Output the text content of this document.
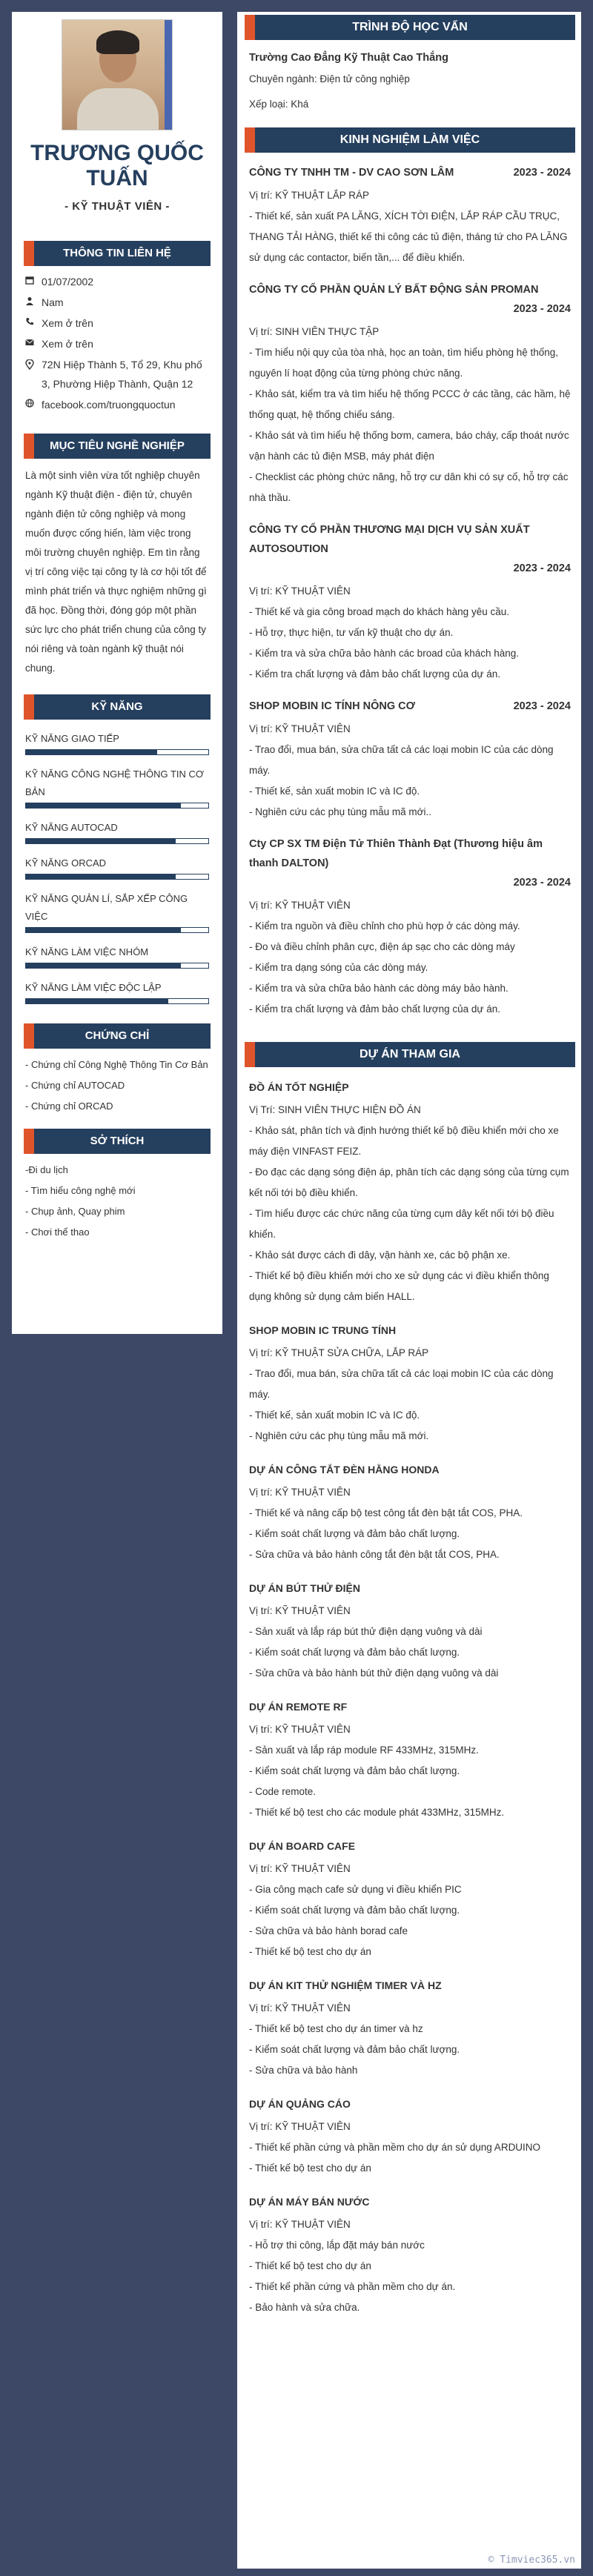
TRƯƠNG QUỐC
TUẤN
- KỸ THUẬT VIÊN -
THÔNG TIN LIÊN HỆ
01/07/2002
Nam
Xem ở trên
Xem ở trên
72N Hiệp Thành 5, Tổ 29, Khu phố 3, Phường Hiệp Thành, Quận 12
facebook.com/truongquoctun
MỤC TIÊU NGHỀ NGHIỆP
Là một sinh viên vừa tốt nghiệp chuyên ngành Kỹ thuật điện - điện tử, chuyên ngành điện tử công nghiệp và mong muốn được cống hiến, làm việc trong môi trường chuyên nghiệp. Em tìn rằng vị trí công việc tại công ty là cơ hội tốt để mình phát triển và thực nghiệm những gì đã học. Đồng thời, đóng góp một phần sức lực cho phát triển chung của công ty nói riêng và toàn ngành kỹ thuật nói chung.
KỸ NĂNG
KỸ NĂNG GIAO TIẾP
KỸ NĂNG CÔNG NGHỆ THÔNG TIN CƠ BẢN
KỸ NĂNG AUTOCAD
KỸ NĂNG ORCAD
KỸ NĂNG QUẢN LÍ, SẮP XẾP CÔNG VIỆC
KỸ NĂNG LÀM VIỆC NHÓM
KỸ NĂNG LÀM VIỆC ĐỘC LẬP
CHỨNG CHỈ
- Chứng chỉ Công Nghệ Thông Tin Cơ Bản
- Chứng chỉ AUTOCAD
- Chứng chỉ ORCAD
SỞ THÍCH
-Đi du lịch
- Tìm hiểu công nghệ mới
- Chụp ảnh, Quay phim
- Chơi thể thao
TRÌNH ĐỘ HỌC VẤN
Trường Cao Đẳng Kỹ Thuật Cao Thắng
Chuyên ngành: Điện tử công nghiệp
Xếp loại: Khá
KINH NGHIỆM LÀM VIỆC
CÔNG TY TNHH TM - DV CAO SƠN LÂM	2023 - 2024
Vị trí: KỸ THUẬT LẮP RÁP
- Thiết kế, sản xuất PA LĂNG, XÍCH TỜI ĐIỆN, LẮP RÁP CẦU TRỤC, THANG TẢI HÀNG, thiết kế thi công các tủ điện, tháng tứ cho PA LĂNG sử dụng các contactor, biến tần,... để điều khiển.
CÔNG TY CỔ PHẦN QUẢN LÝ BẤT ĐỘNG SẢN PROMAN
2023 - 2024
Vị trí: SINH VIÊN THỰC TẬP
- Tìm hiểu nội quy của tòa nhà, học an toàn, tìm hiểu phòng hệ thống, nguyên lí hoạt động của từng phòng chức năng.
- Khảo sát, kiểm tra và tìm hiểu hệ thống PCCC ở các tầng, các hầm, hệ thống quạt, hệ thống chiếu sáng.
- Khảo sát và tìm hiểu hệ thống bơm, camera, báo cháy, cấp thoát nước vận hành các tủ điện MSB, máy phát điện
- Checklist các phòng chức năng, hỗ trợ cư dân khi có sự cố, hỗ trợ các nhà thầu.
CÔNG TY CỔ PHẦN THƯƠNG MẠI DỊCH VỤ SẢN XUẤT AUTOSOUTION
2023 - 2024
Vị trí: KỸ THUẬT VIÊN
- Thiết kế và gia công broad mạch do khách hàng yêu cầu.
- Hỗ trợ, thực hiện, tư vấn kỹ thuật cho dự án.
- Kiểm tra và sửa chữa bảo hành các broad của khách hàng.
- Kiểm tra chất lượng và đảm bảo chất lượng của dự án.
SHOP MOBIN IC TÍNH NÔNG CƠ	2023 - 2024
Vị trí: KỸ THUẬT VIÊN
- Trao đổi, mua bán, sửa chữa tất cả các loại mobin IC của các dòng máy.
- Thiết kế, sản xuất mobin IC và IC độ.
- Nghiên cứu các phụ tùng mẫu mã mới..
Cty CP SX TM Điện Tử Thiên Thành Đạt (Thương hiệu âm thanh DALTON)
2023 - 2024
Vị trí: KỸ THUẬT VIÊN
- Kiểm tra nguồn và điều chỉnh cho phù hợp ở các dòng máy.
- Đo và điều chỉnh phân cực, điện áp sạc cho các dòng máy
- Kiểm tra dạng sóng của các dòng máy.
- Kiểm tra và sửa chữa bảo hành các dòng máy bảo hành.
- Kiểm tra chất lượng và đảm bảo chất lượng của dự án.
DỰ ÁN THAM GIA
ĐỒ ÁN TỐT NGHIỆP
Vị Trí: SINH VIÊN THỰC HIỆN ĐỒ ÁN
- Khảo sát, phân tích và định hướng thiết kế bộ điều khiển mới cho xe máy điện VINFAST FEIZ.
- Đo đạc các dạng sóng điện áp, phân tích các dạng sóng của từng cụm kết nối tới bộ điều khiển.
- Tìm hiểu được các chức năng của từng cụm dây kết nối tới bộ điều khiển.
- Khảo sát được cách đi dây, vận hành xe, các bộ phận xe.
- Thiết kế bộ điều khiển mới cho xe sử dụng các vi điều khiển thông dụng không sử dụng cảm biến HALL.
SHOP MOBIN IC TRUNG TÍNH
Vị trí: KỸ THUẬT SỬA CHỮA, LẮP RÁP
- Trao đổi, mua bán, sửa chữa tất cả các loại mobin IC của các dòng máy.
- Thiết kế, sản xuất mobin IC và IC độ.
- Nghiên cứu các phụ tùng mẫu mã mới.
DỰ ÁN CÔNG TẮT ĐÈN HẰNG HONDA
Vị trí: KỸ THUẬT VIÊN
- Thiết kế và nâng cấp bộ test công tắt đèn bật tắt COS, PHA.
- Kiểm soát chất lượng và đảm bảo chất lượng.
- Sửa chữa và bảo hành công tắt đèn bật tắt COS, PHA.
DỰ ÁN BÚT THỬ ĐIỆN
Vị trí: KỸ THUẬT VIÊN
- Sản xuất và lắp ráp bút thử điện dạng vuông và dài
- Kiểm soát chất lượng và đảm bảo chất lượng.
- Sửa chữa và bảo hành bút thử điện dạng vuông và dài
DỰ ÁN REMOTE RF
Vị trí: KỸ THUẬT VIÊN
- Sản xuất và lắp ráp module RF 433MHz, 315MHz.
- Kiểm soát chất lượng và đảm bảo chất lượng.
- Code remote.
- Thiết kế bộ test cho các module phát 433MHz, 315MHz.
DỰ ÁN BOARD CAFE
Vị trí: KỸ THUẬT VIÊN
- Gia công mạch cafe sử dụng vi điều khiển PIC
- Kiểm soát chất lượng và đảm bảo chất lượng.
- Sửa chữa và bảo hành borad cafe
- Thiết kế bộ test cho dự án
DỰ ÁN KIT THỬ NGHIỆM TIMER VÀ HZ
Vị trí: KỸ THUẬT VIÊN
- Thiết kế bộ test cho dự án timer và hz
- Kiểm soát chất lượng và đảm bảo chất lượng.
- Sửa chữa và bảo hành
DỰ ÁN QUẢNG CÁO
Vị trí: KỸ THUẬT VIÊN
- Thiết kế phần cứng và phần mềm cho dự án sử dụng ARDUINO
- Thiết kế bộ test cho dự án
DỰ ÁN MÁY BÁN NƯỚC
Vị trí: KỸ THUẬT VIÊN
- Hỗ trợ thi công, lắp đặt máy bán nước
- Thiết kế bộ test cho dự án
- Thiết kế phần cứng và phần mềm cho dự án.
- Bảo hành và sửa chữa.
© Timviec365.vn
